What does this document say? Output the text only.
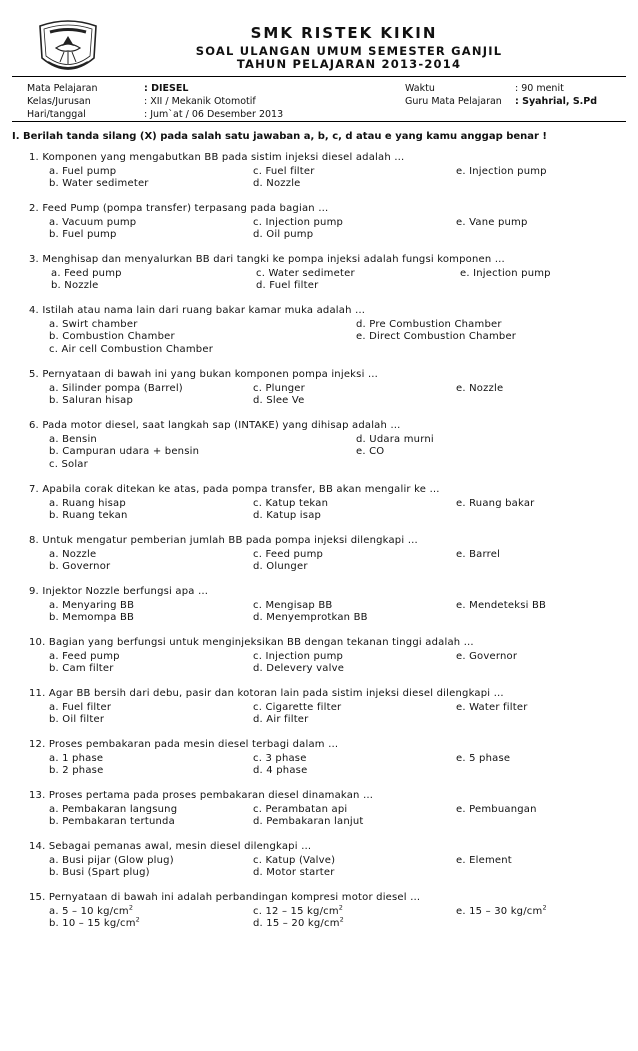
SMK RISTEK KIKIN
SOAL ULANGAN UMUM SEMESTER GANJIL
TAHUN PELAJARAN 2013-2014
Mata Pelajaran	: DIESEL
Kelas/Jurusan	: XII / Mekanik Otomotif
Hari/tanggal	: Jum`at / 06 Desember 2013
Waktu	: 90 menit
Guru Mata Pelajaran : Syahrial, S.Pd
I. Berilah tanda silang (X) pada salah satu jawaban a, b, c, d atau e yang kamu anggap benar !
1. Komponen yang mengabutkan BB pada sistim injeksi diesel adalah …
a. Fuel pump
b. Water sedimeter
c. Fuel filter
d. Nozzle
e. Injection pump
2. Feed Pump (pompa transfer) terpasang pada bagian …
a. Vacuum pump
b. Fuel pump
c. Injection pump
d. Oil pump
e. Vane pump
3. Menghisap dan menyalurkan BB dari tangki ke pompa injeksi adalah fungsi komponen …
a. Feed pump
b. Nozzle
c. Water sedimeter
d. Fuel filter
e. Injection pump
4. Istilah atau nama lain dari ruang bakar kamar muka adalah …
a. Swirt chamber
b. Combustion Chamber
c. Air cell Combustion Chamber
d. Pre Combustion Chamber
e. Direct Combustion Chamber
5. Pernyataan di bawah ini yang bukan komponen pompa injeksi …
a. Silinder pompa (Barrel)
b. Saluran hisap
c. Plunger
d. Slee Ve
e. Nozzle
6. Pada motor diesel, saat langkah sap (INTAKE) yang dihisap adalah …
a. Bensin
b. Campuran udara + bensin
c. Solar
d. Udara murni
e. CO
7. Apabila corak ditekan ke atas, pada pompa transfer, BB akan mengalir ke …
a. Ruang hisap
b. Ruang tekan
c. Katup tekan
d. Katup isap
e. Ruang bakar
8. Untuk mengatur pemberian jumlah BB pada pompa injeksi dilengkapi …
a. Nozzle
b. Governor
c. Feed pump
d. Olunger
e. Barrel
9. Injektor Nozzle berfungsi apa …
a. Menyaring BB
b. Memompa BB
c. Mengisap BB
d. Menyemprotkan BB
e. Mendeteksi BB
10. Bagian yang berfungsi untuk menginjeksikan BB dengan tekanan tinggi adalah …
a. Feed pump
b. Cam filter
c. Injection pump
d. Delevery valve
e. Governor
11. Agar BB bersih dari debu, pasir dan kotoran lain pada sistim injeksi diesel dilengkapi …
a. Fuel filter
b. Oil filter
c. Cigarette filter
d. Air filter
e. Water filter
12. Proses pembakaran pada mesin diesel terbagi dalam …
a. 1 phase
b. 2 phase
c. 3 phase
d. 4 phase
e. 5 phase
13. Proses pertama pada proses pembakaran diesel dinamakan …
a. Pembakaran langsung
b. Pembakaran tertunda
c. Perambatan api
d. Pembakaran lanjut
e. Pembuangan
14. Sebagai pemanas awal, mesin diesel dilengkapi …
a. Busi pijar (Glow plug)
b. Busi (Spart plug)
c. Katup (Valve)
d. Motor starter
e. Element
15. Pernyataan di bawah ini adalah perbandingan kompresi motor diesel …
a. 5 – 10 $kg/cm^2$
b. 10 – 15 $kg/cm^2$
c. 12 – 15 $kg/cm^2$
d. 15 – 20 $kg/cm^2$
e. 15 – 30 $kg/cm^2$
